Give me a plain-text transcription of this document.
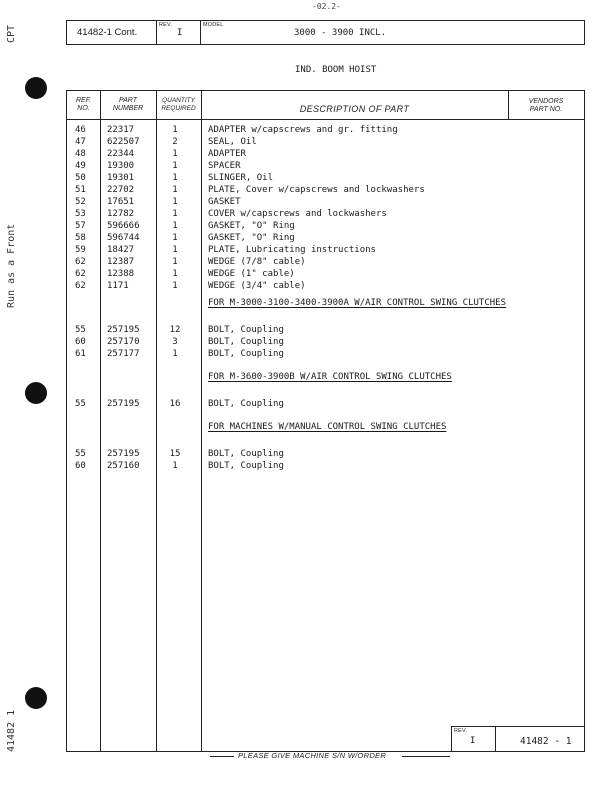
-02.2-
CPT
Run as a Front
41482 1
41482-1 Cont.
REV.
I
MODEL
3000 - 3900 INCL.
IND. BOOM HOIST
REF.
NO.
PART
NUMBER
QUANTITY
REQUIRED	DESCRIPTION OF PART
VENDORS
PART NO.
46 22317	1	ADAPTER w/capscrews and gr. fitting
47 622507	2	SEAL, Oil
48 22344	1	ADAPTER
49 19300	1	SPACER
50 19301	1	SLINGER, Oil
51 22702	1	PLATE, Cover w/capscrews and lockwashers
52 17651	1	GASKET
53 12782	1	COVER w/capscrews and lockwashers
57 596666	1	GASKET, "O" Ring
58 596744	1	GASKET, "O" Ring
59 18427	1	PLATE, Lubricating instructions
62 12387	1	WEDGE (7/8" cable)
62 12388	1	WEDGE (1" cable)
62 1171	1	WEDGE (3/4" cable)
FOR M-3000-3100-3400-3900A W/AIR CONTROL SWING CLUTCHES
55 257195	12	BOLT, Coupling
60 257170	3	BOLT, Coupling
61 257177	1	BOLT, Coupling
FOR M-3600-3900B W/AIR CONTROL SWING CLUTCHES
55 257195	16	BOLT, Coupling
FOR MACHINES W/MANUAL CONTROL SWING CLUTCHES
55 257195	15	BOLT, Coupling
60 257160	1	BOLT, Coupling
REV.
I	41482 - 1
PLEASE GIVE MACHINE S/N W/ORDER
